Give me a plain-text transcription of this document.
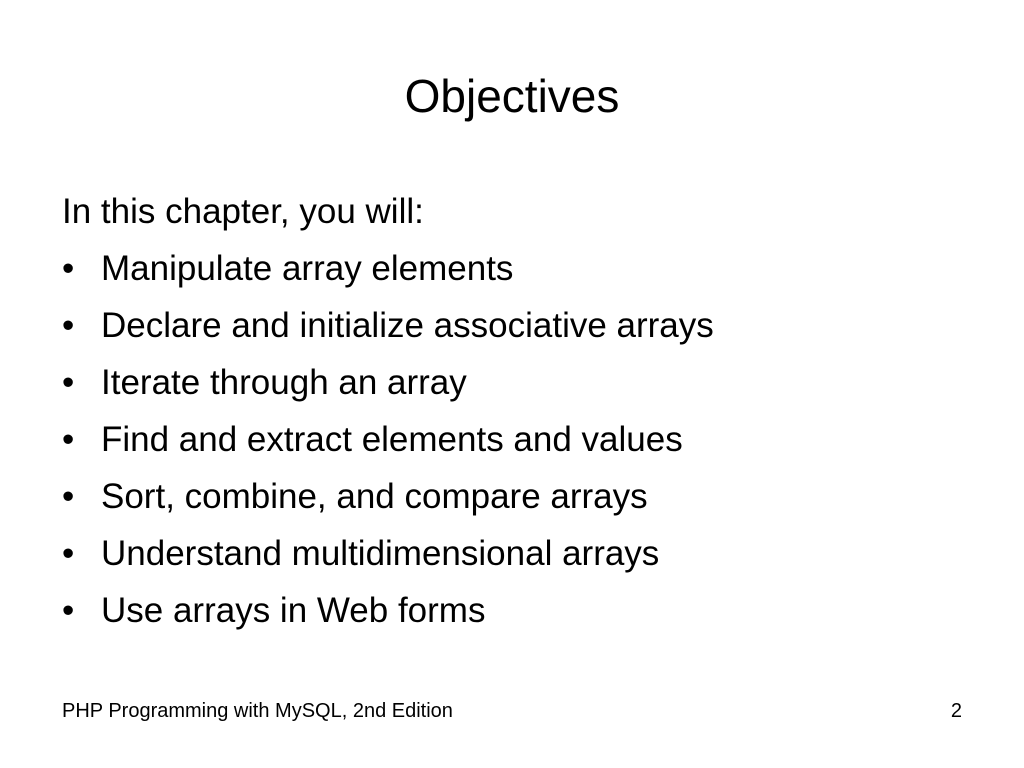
Objectives

In this chapter, you will:

• Manipulate array elements
• Declare and initialize associative arrays
• Iterate through an array
• Find and extract elements and values
• Sort, combine, and compare arrays
• Understand multidimensional arrays
• Use arrays in Web forms
PHP Programming with MySQL, 2nd Edition	2
